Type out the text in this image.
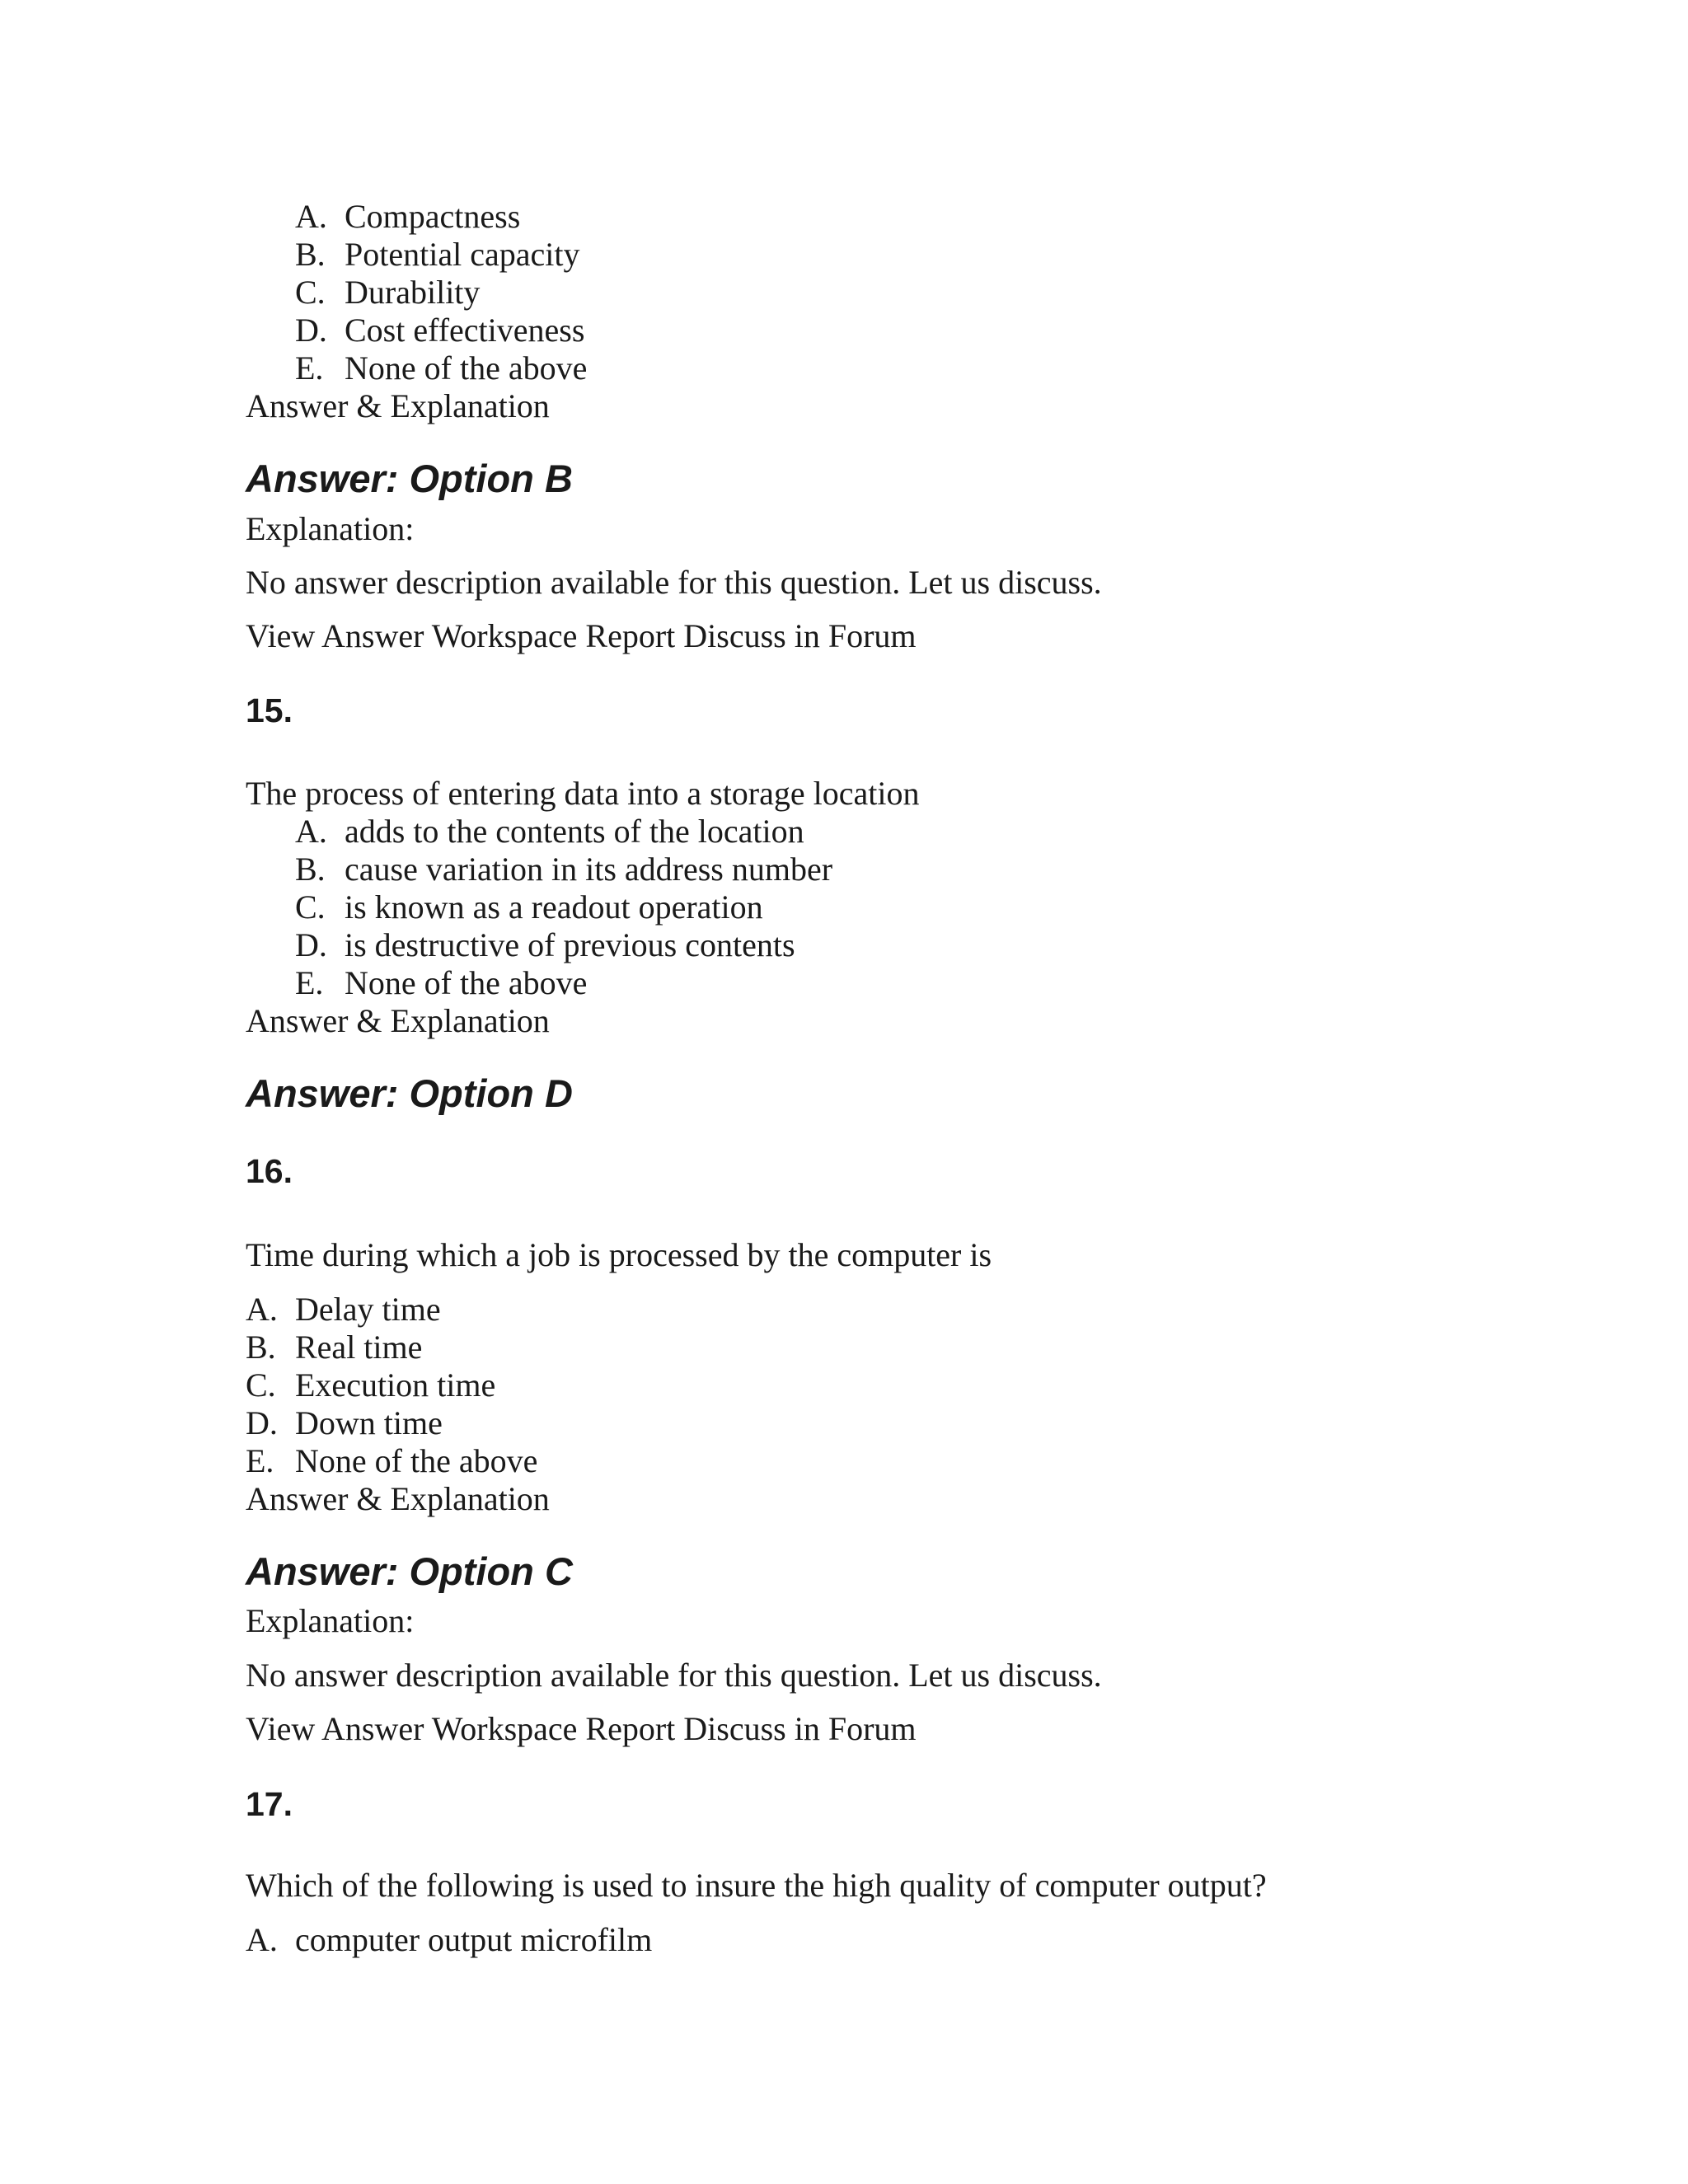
A. Compactness
B. Potential capacity
C. Durability
D. Cost effectiveness
E. None of the above
Answer & Explanation
Answer: Option B
Explanation:
No answer description available for this question. Let us discuss.
View Answer Workspace Report Discuss in Forum
15.
The process of entering data into a storage location
A. adds to the contents of the location
B. cause variation in its address number
C. is known as a readout operation
D. is destructive of previous contents
E. None of the above
Answer & Explanation
Answer: Option D
16.
Time during which a job is processed by the computer is
A. Delay time
B. Real time
C. Execution time
D. Down time
E. None of the above
Answer & Explanation
Answer: Option C
Explanation:
No answer description available for this question. Let us discuss.
View Answer Workspace Report Discuss in Forum
17.
Which of the following is used to insure the high quality of computer output?
A. computer output microfilm
